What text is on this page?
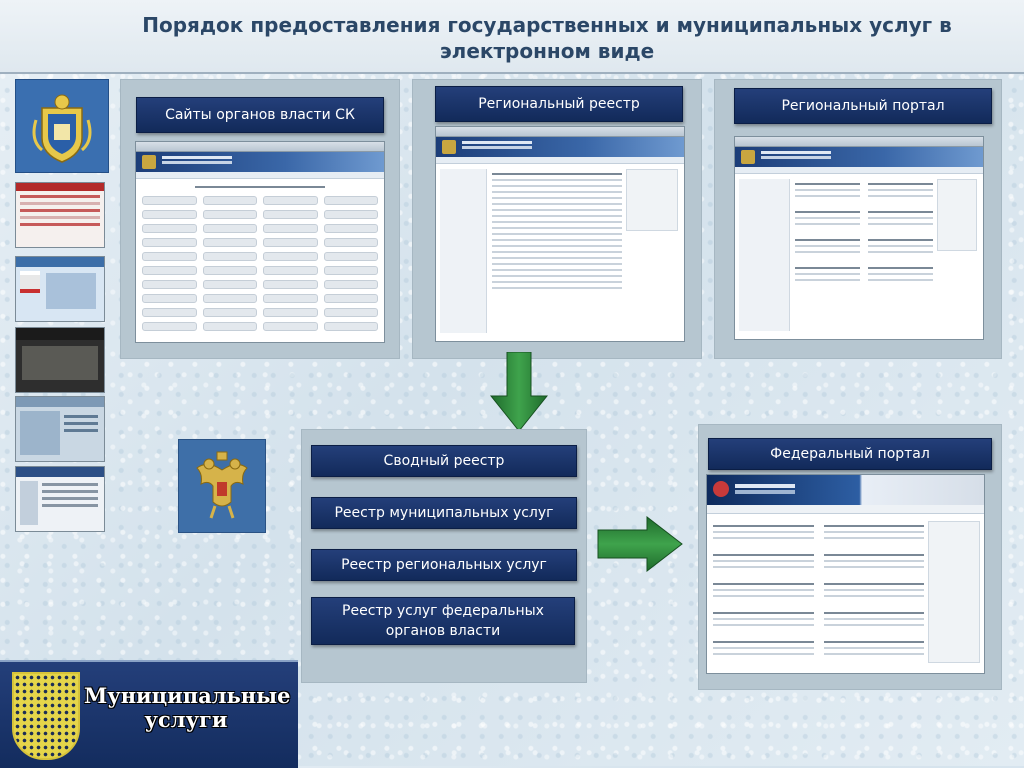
Порядок предоставления государственных и муниципальных услуг в электронном виде
Сайты органов власти СК
Региональный реестр	Региональный портал
Сводный реестр
Реестр муниципальных услуг
Реестр региональных услуг
Реестр услуг федеральных органов власти
Федеральный портал
Муниципальные услуги
